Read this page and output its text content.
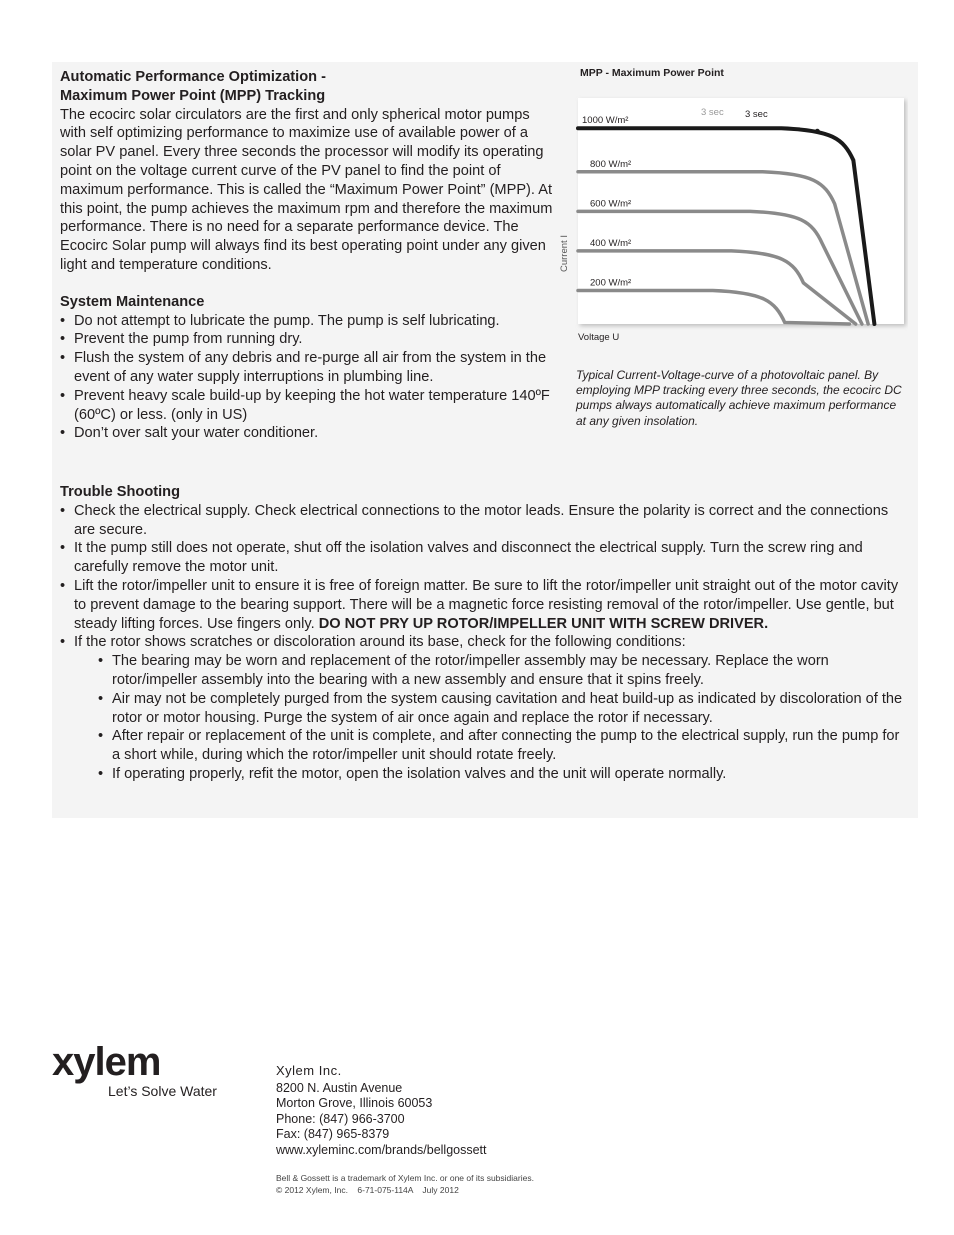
Automatic Performance Optimization -
Maximum Power Point (MPP) Tracking

The ecocirc solar circulators are the first and only spherical motor pumps with self optimizing performance to maximize use of available power of a solar PV panel. Every three seconds the processor will modify its operating point on the voltage current curve of the PV panel to find the point of maximum performance. This is called the “Maximum Power Point” (MPP). At this point, the pump achieves the maximum rpm and therefore the maximum performance. There is no need for a separate performance device. The Ecocirc Solar pump will always find its best operating point under any given light and temperature conditions.

System Maintenance
• Do not attempt to lubricate the pump. The pump is self lubricating.
• Prevent the pump from running dry.
• Flush the system of any debris and re-purge all air from the system in the event of any water supply interruptions in plumbing line.
• Prevent heavy scale build-up by keeping the hot water temperature 140ºF (60ºC) or less. (only in US)
• Don’t over salt your water conditioner.
MPP - Maximum Power Point
1000 W/m²
800 W/m²
600 W/m²
400 W/m²
200 W/m²
3 sec 3 sec
Current I
Voltage U
Typical Current-Voltage-curve of a photovoltaic panel. By employing MPP tracking every three seconds, the ecocirc DC pumps always automatically achieve maximum performance at any given insolation.
Trouble Shooting
• Check the electrical supply. Check electrical connections to the motor leads. Ensure the polarity is correct and the connections are secure.
• It the pump still does not operate, shut off the isolation valves and disconnect the electrical supply. Turn the screw ring and carefully remove the motor unit.
• Lift the rotor/impeller unit to ensure it is free of foreign matter. Be sure to lift the rotor/impeller unit straight out of the motor cavity to prevent damage to the bearing support. There will be a magnetic force resisting removal of the rotor/impeller. Use gentle, but steady lifting forces. Use fingers only. DO NOT PRY UP ROTOR/IMPELLER UNIT WITH SCREW DRIVER.
• If the rotor shows scratches or discoloration around its base, check for the following conditions:
• The bearing may be worn and replacement of the rotor/impeller assembly may be necessary. Replace the worn rotor/impeller assembly into the bearing with a new assembly and ensure that it spins freely.
• Air may not be completely purged from the system causing cavitation and heat build-up as indicated by discoloration of the rotor or motor housing. Purge the system of air once again and replace the rotor if necessary.
• After repair or replacement of the unit is complete, and after connecting the pump to the electrical supply, run the pump for a short while, during which the rotor/impeller unit should rotate freely.
• If operating properly, refit the motor, open the isolation valves and the unit will operate normally.
xylem
Let’s Solve Water
Xylem Inc.
8200 N. Austin Avenue
Morton Grove, Illinois 60053
Phone: (847) 966-3700
Fax: (847) 965-8379
www.xyleminc.com/brands/bellgossett
Bell & Gossett is a trademark of Xylem Inc. or one of its subsidiaries.
© 2012 Xylem, Inc.    6-71-075-114A    July 2012
